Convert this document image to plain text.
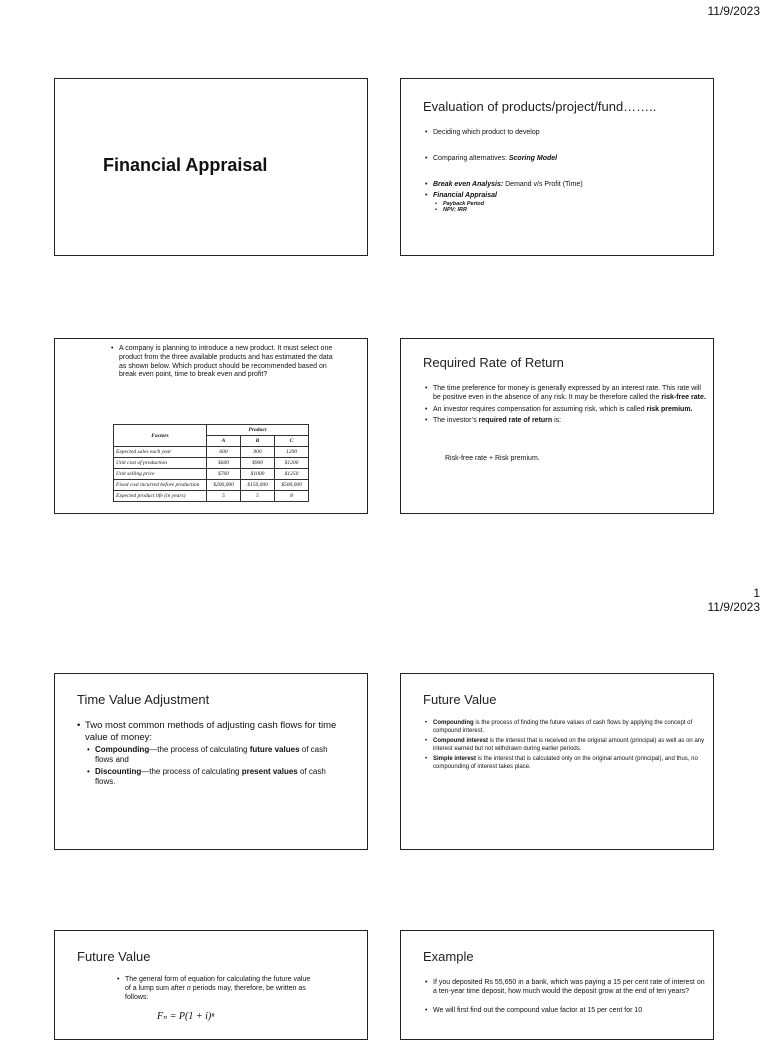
11/9/2023
Financial Appraisal
Evaluation of products/project/fund……..
• Deciding which product to develop
• Comparing alternatives: Scoring Model
• Break even Analysis: Demand v/s Profit (Time)
• Financial Appraisal
• Payback Period
• NPV; IRR
• A company is planning to introduce a new product. It must select one product from the three available products and has estimated the data as shown below. Which product should be recommended based on break even point, time to break even and profit?
Factors	Product		
	A	B	C
Expected sales each year	600	900	1200
Unit cost of production	$600	$900	$1200
Unit selling price	$760	$1000	$1250
Fixed cost incurred before production	$200,000	$150,000	$500,000
Expected product life (in years)	5	5	8
Required Rate of Return
• The time preference for money is generally expressed by an interest rate. This rate will be positive even in the absence of any risk. It may be therefore called the risk-free rate.
• An investor requires compensation for assuming risk, which is called risk premium.
• The investor’s required rate of return is:
Risk-free rate + Risk premium.
1
11/9/2023
Time Value Adjustment
• Two most common methods of adjusting cash flows for time value of money:
• Compounding—the process of calculating future values of cash flows and
• Discounting—the process of calculating present values of cash flows.
Future Value
• Compounding is the process of finding the future values of cash flows by applying the concept of compound interest.
• Compound interest is the interest that is received on the original amount (principal) as well as on any interest earned but not withdrawn during earlier periods.
• Simple interest is the interest that is calculated only on the original amount (principal), and thus, no compounding of interest takes place.
Future Value
• The general form of equation for calculating the future value of a lump sum after n periods may, therefore, be written as follows:
Fₙ = P(1 + i)ⁿ
Example
• If you deposited Rs 55,650 in a bank, which was paying a 15 per cent rate of interest on a ten-year time deposit, how much would the deposit grow at the end of ten years?
• We will first find out the compound value factor at 15 per cent for 10
